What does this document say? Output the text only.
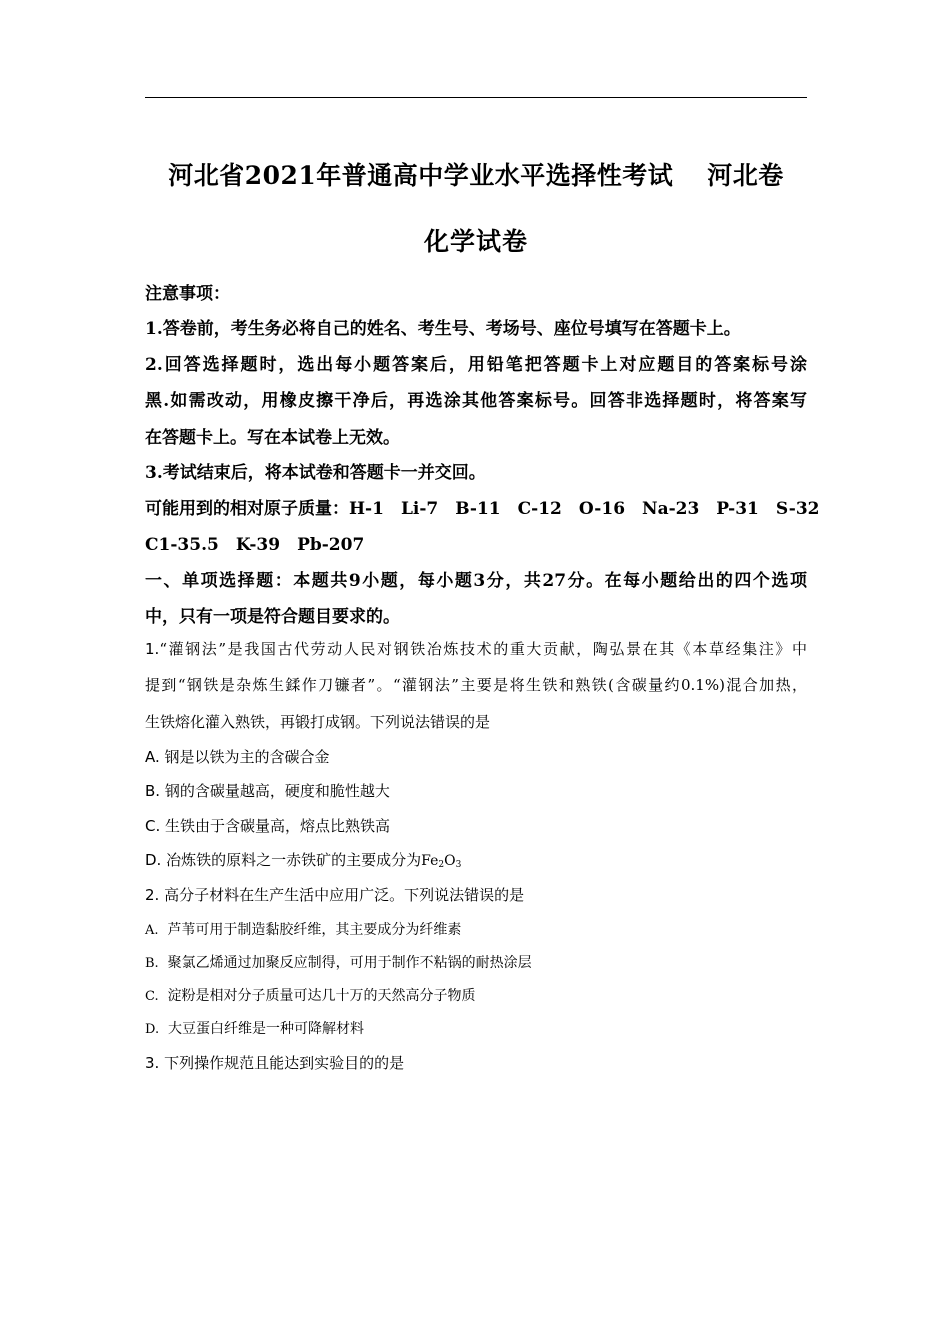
河北省2021年普通高中学业水平选择性考试 河北卷
化学试卷
注意事项：
1.答卷前，考生务必将自己的姓名、考生号、考场号、座位号填写在答题卡上。
2.回答选择题时，选出每小题答案后，用铅笔把答题卡上对应题目的答案标号涂
黑.如需改动，用橡皮擦干净后，再选涂其他答案标号。回答非选择题时，将答案写
在答题卡上。写在本试卷上无效。
3.考试结束后，将本试卷和答题卡一并交回。
可能用到的相对原子质量：H-1　Li-7　B-11　C-12　O-16　Na-23　P-31　S-32
C1-35.5　K-39　Pb-207
一、单项选择题：本题共9小题，每小题3分，共27分。在每小题给出的四个选项
中，只有一项是符合题目要求的。
1.“灌钢法”是我国古代劳动人民对钢铁冶炼技术的重大贡献，陶弘景在其《本草经集注》中
提到“钢铁是杂炼生鍒作刀镰者”。“灌钢法”主要是将生铁和熟铁(含碳量约0.1%)混合加热，
生铁熔化灌入熟铁，再锻打成钢。下列说法错误的是
A. 钢是以铁为主的含碳合金
B. 钢的含碳量越高，硬度和脆性越大
C. 生铁由于含碳量高，熔点比熟铁高
D. 冶炼铁的原料之一赤铁矿的主要成分为$Fe_2O_3$
2. 高分子材料在生产生活中应用广泛。下列说法错误的是
A. 芦苇可用于制造黏胶纤维，其主要成分为纤维素
B. 聚氯乙烯通过加聚反应制得，可用于制作不粘锅的耐热涂层
C. 淀粉是相对分子质量可达几十万的天然高分子物质
D. 大豆蛋白纤维是一种可降解材料
3. 下列操作规范且能达到实验目的的是
